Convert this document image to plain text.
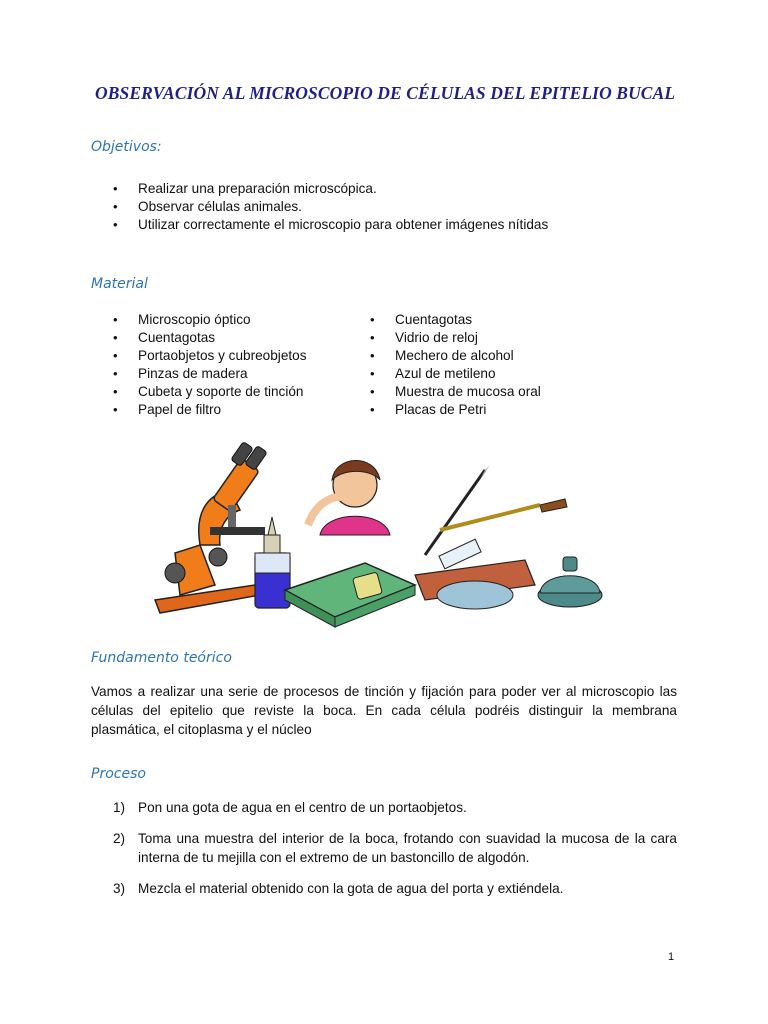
OBSERVACIÓN AL MICROSCOPIO DE CÉLULAS DEL EPITELIO BUCAL
Objetivos:
• Realizar una preparación microscópica.
• Observar células animales.
• Utilizar correctamente el microscopio para obtener imágenes nítidas
Material
• Microscopio óptico
• Cuentagotas
• Portaobjetos y cubreobjetos
• Pinzas de madera
• Cubeta y soporte de tinción
• Papel de filtro
• Cuentagotas
• Vidrio de reloj
• Mechero de alcohol
• Azul de metileno
• Muestra de mucosa oral
• Placas de Petri
Fundamento teórico
Vamos a realizar una serie de procesos de tinción y fijación para poder ver al microscopio las células del epitelio que reviste la boca. En cada célula podréis distinguir la membrana plasmática, el citoplasma y el núcleo
Proceso
1) Pon una gota de agua en el centro de un portaobjetos.
2) Toma una muestra del interior de la boca, frotando con suavidad la mucosa de la cara interna de tu mejilla con el extremo de un bastoncillo de algodón.
3) Mezcla el material obtenido con la gota de agua del porta y extiéndela.
1
